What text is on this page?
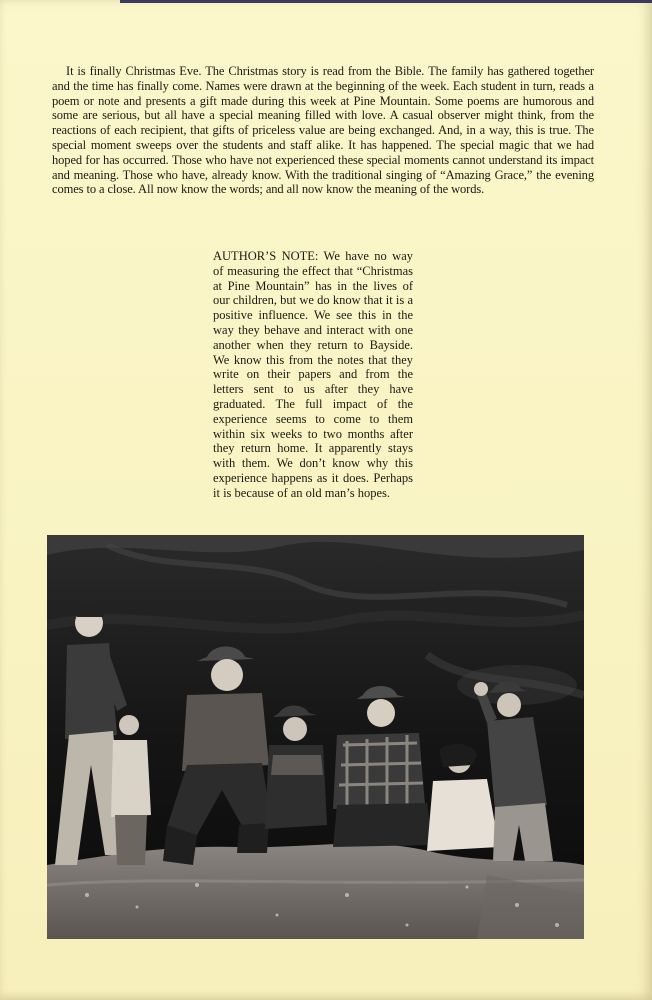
It is finally Christmas Eve. The Christmas story is read from the Bible. The family has gathered together and the time has finally come. Names were drawn at the beginning of the week. Each student in turn, reads a poem or note and presents a gift made during this week at Pine Mountain. Some poems are humorous and some are serious, but all have a special meaning filled with love. A casual observer might think, from the reactions of each recipient, that gifts of priceless value are being exchanged. And, in a way, this is true. The special moment sweeps over the students and staff alike. It has happened. The special magic that we had hoped for has occurred. Those who have not experienced these special moments cannot understand its impact and meaning. Those who have, already know. With the traditional singing of “Amazing Grace,” the evening comes to a close. All now know the words; and all now know the meaning of the words.

AUTHOR’S NOTE: We have no way of measuring the effect that “Christmas at Pine Mountain” has in the lives of our children, but we do know that it is a positive influence. We see this in the way they behave and interact with one another when they return to Bayside. We know this from the notes that they write on their papers and from the letters sent to us after they have graduated. The full impact of the experience seems to come to them within six weeks to two months after they return home. It apparently stays with them. We don’t know why this experience happens as it does. Perhaps it is because of an old man’s hopes.
